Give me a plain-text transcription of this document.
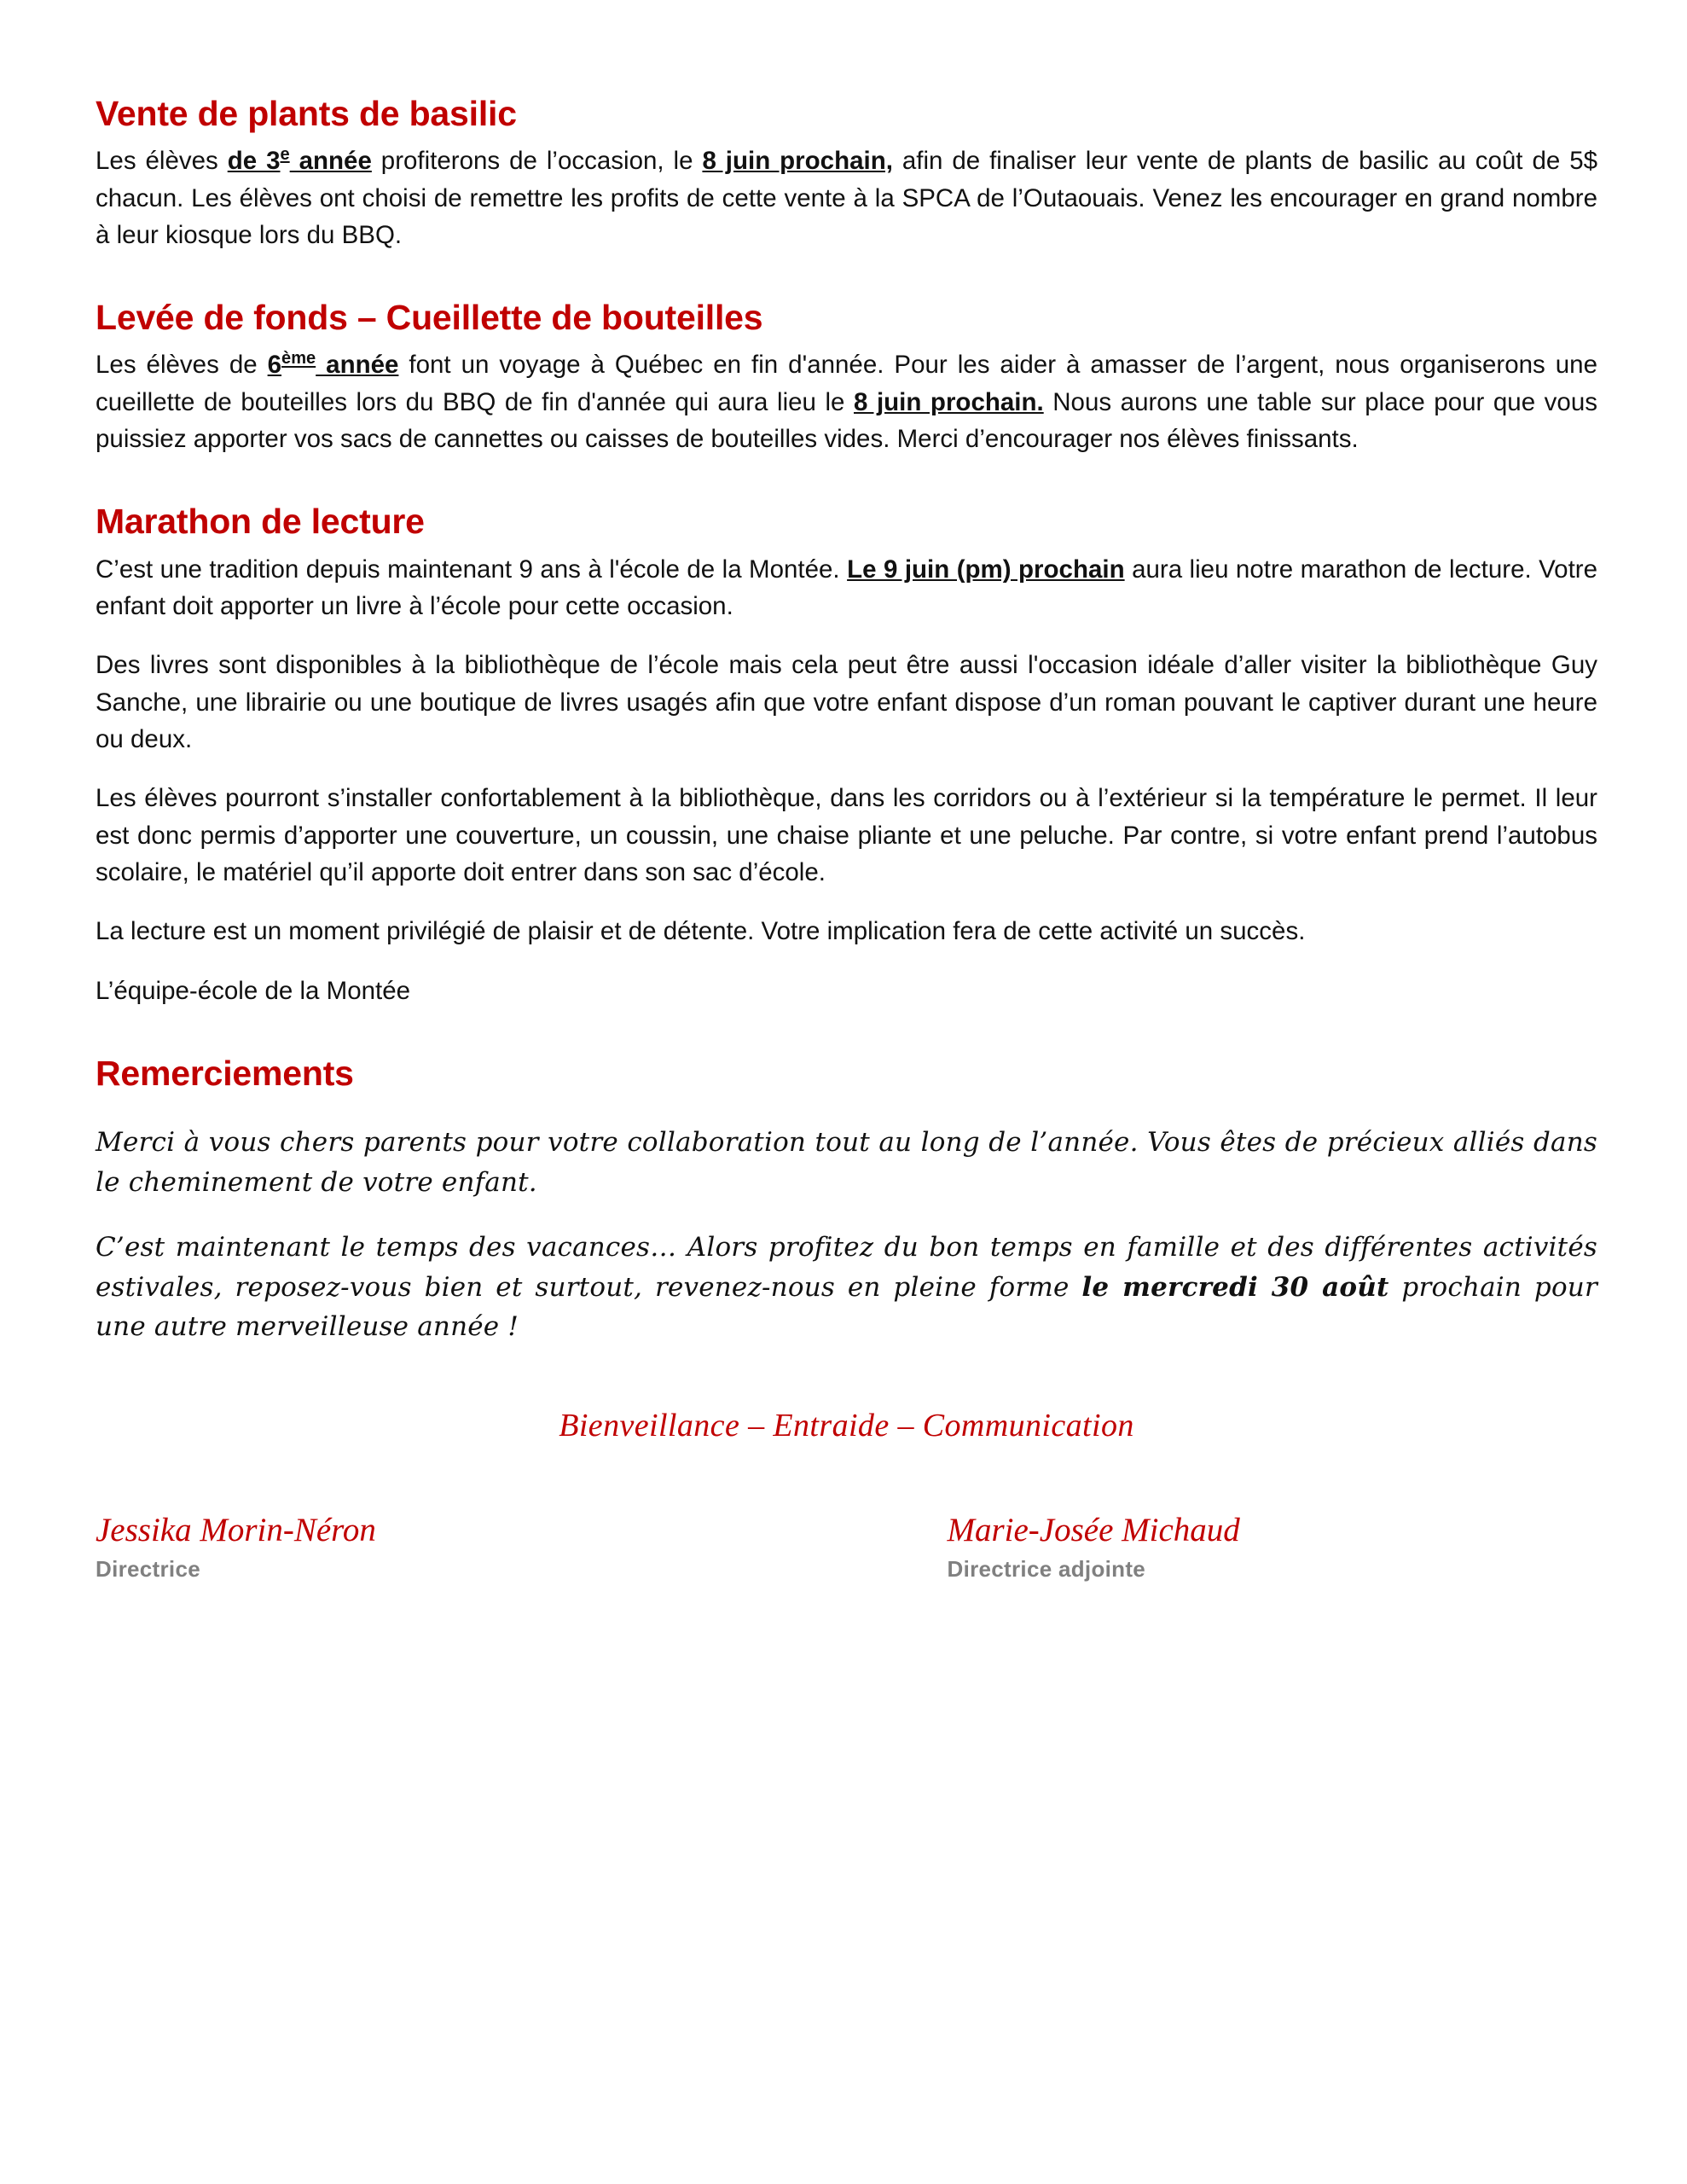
Vente de plants de basilic

Les élèves de 3e année profiterons de l’occasion, le 8 juin prochain, afin de finaliser leur vente de plants de basilic au coût de 5$ chacun. Les élèves ont choisi de remettre les profits de cette vente à la SPCA de l’Outaouais. Venez les encourager en grand nombre à leur kiosque lors du BBQ.

Levée de fonds – Cueillette de bouteilles

Les élèves de 6ème année font un voyage à Québec en fin d'année. Pour les aider à amasser de l’argent, nous organiserons une cueillette de bouteilles lors du BBQ de fin d'année qui aura lieu le 8 juin prochain. Nous aurons une table sur place pour que vous puissiez apporter vos sacs de cannettes ou caisses de bouteilles vides. Merci d’encourager nos élèves finissants.

Marathon de lecture

C’est une tradition depuis maintenant 9 ans à l'école de la Montée. Le 9 juin (pm) prochain aura lieu notre marathon de lecture. Votre enfant doit apporter un livre à l’école pour cette occasion.

Des livres sont disponibles à la bibliothèque de l’école mais cela peut être aussi l'occasion idéale d’aller visiter la bibliothèque Guy Sanche, une librairie ou une boutique de livres usagés afin que votre enfant dispose d’un roman pouvant le captiver durant une heure ou deux.

Les élèves pourront s’installer confortablement à la bibliothèque, dans les corridors ou à l’extérieur si la température le permet. Il leur est donc permis d’apporter une couverture, un coussin, une chaise pliante et une peluche. Par contre, si votre enfant prend l’autobus scolaire, le matériel qu’il apporte doit entrer dans son sac d’école.

La lecture est un moment privilégié de plaisir et de détente. Votre implication fera de cette activité un succès.

L’équipe-école de la Montée

Remerciements

Merci à vous chers parents pour votre collaboration tout au long de l’année. Vous êtes de précieux alliés dans le cheminement de votre enfant.

C’est maintenant le temps des vacances… Alors profitez du bon temps en famille et des différentes activités estivales, reposez-vous bien et surtout, revenez-nous en pleine forme le mercredi 30 août prochain pour une autre merveilleuse année !

Bienveillance – Entraide – Communication

Jessika Morin-Néron

Directrice

Marie-Josée Michaud

Directrice adjointe
